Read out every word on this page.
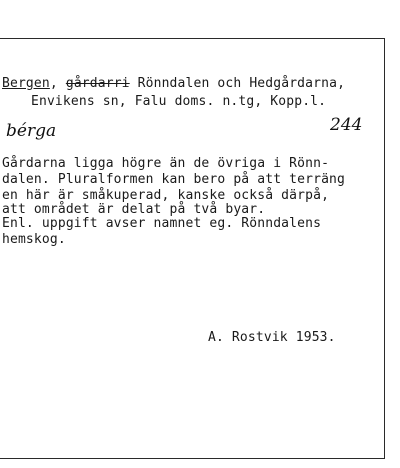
Bergen, gårdarri Rönndalen och Hedgårdarna,
Envikens sn, Falu doms. n.tg, Kopp.l.
bérga	244
Gårdarna ligga högre än de övriga i Rönn-
dalen. Pluralformen kan bero på att terräng
en här är småkuperad, kanske också därpå,
att området är delat på två byar.
Enl. uppgift avser namnet eg. Rönndalens
hemskog.
A. Rostvik 1953.
